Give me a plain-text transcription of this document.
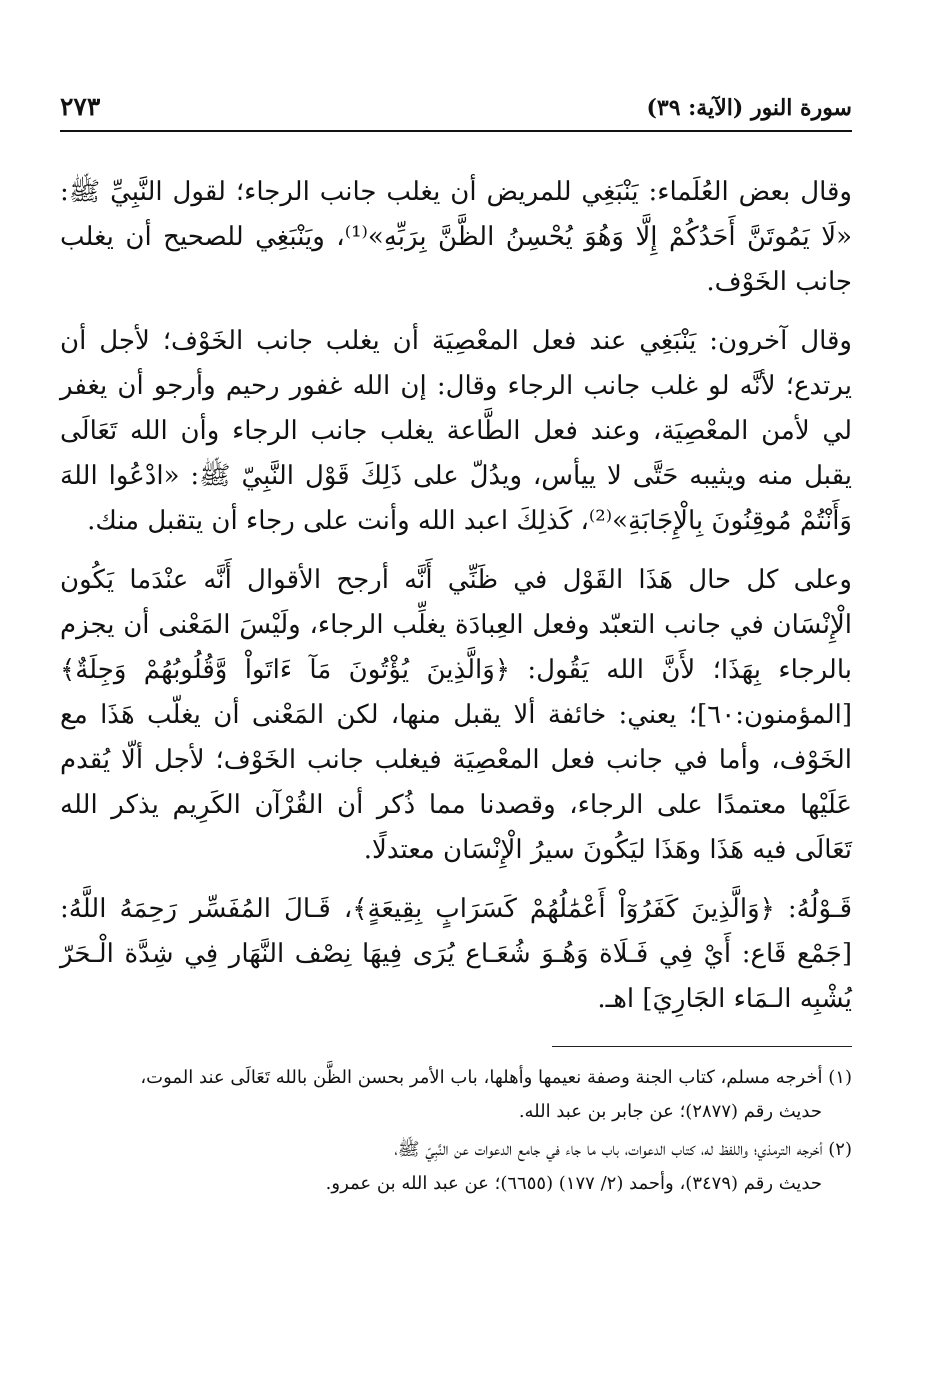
سورة النور (الآية: ٣٩)
٢٧٣

وقال بعض العُلَماء: يَنْبَغِي للمريض أن يغلب جانب الرجاء؛ لقول النَّبِيِّ ﷺ: «لَا يَمُوتَنَّ أَحَدُكُمْ إِلَّا وَهُوَ يُحْسِنُ الظَّنَّ بِرَبِّهِ»⁽¹⁾، ويَنْبَغِي للصحيح أن يغلب جانب الخَوْف.

وقال آخرون: يَنْبَغِي عند فعل المعْصِيَة أن يغلب جانب الخَوْف؛ لأجل أن يرتدع؛ لأنَّه لو غلب جانب الرجاء وقال: إن الله غفور رحيم وأرجو أن يغفر لي لأمن المعْصِيَة، وعند فعل الطَّاعة يغلب جانب الرجاء وأن الله تَعَالَى يقبل منه ويثيبه حَتَّى لا ييأس، ويدُلّ على ذَلِكَ قَوْل النَّبِيّ ﷺ: «ادْعُوا اللهَ وَأَنْتُمْ مُوقِنُونَ بِالْإِجَابَةِ»⁽²⁾، كَذلِكَ اعبد الله وأنت على رجاء أن يتقبل منك.

وعلى كل حال هَذَا القَوْل في ظَنِّي أَنَّه أرجح الأقوال أَنَّه عنْدَما يَكُون الْإِنْسَان في جانب التعبّد وفعل العِبادَة يغلِّب الرجاء، ولَيْسَ المَعْنى أن يجزم بالرجاء بِهَذَا؛ لأَنَّ الله يَقُول: ﴿وَالَّذِينَ يُؤْتُونَ مَآ ءَاتَواْ وَّقُلُوبُهُمْ وَجِلَةٌ﴾ [المؤمنون:٦٠]؛ يعني: خائفة ألا يقبل منها، لكن المَعْنى أن يغلّب هَذَا مع الخَوْف، وأما في جانب فعل المعْصِيَة فيغلب جانب الخَوْف؛ لأجل ألّا يُقدم عَلَيْها معتمدًا على الرجاء، وقصدنا مما ذُكر أن القُرْآن الكَرِيم يذكر الله تَعَالَى فيه هَذَا وهَذَا ليَكُونَ سيرُ الْإِنْسَان معتدلًا.

قَـوْلُهُ: ﴿وَالَّذِينَ كَفَرُوٓاْ أَعْمَٰلُهُمْ كَسَرَابٍ بِقِيعَةٍ﴾، قَـالَ المُفَسِّر رَحِمَهُ اللَّهُ: [جَمْع قَاع: أَيْ فِي فَـلَاة وَهُـوَ شُعَـاع يُرَى فِيهَا نِصْف النَّهَار فِي شِدَّة الْـحَرّ يُشْبِه الـمَاء الجَارِيَ] اهـ.

(١) أخرجه مسلم، كتاب الجنة وصفة نعيمها وأهلها، باب الأمر بحسن الظَّن بالله تَعَالَى عند الموت،
حديث رقم (٢٨٧٧)؛ عن جابر بن عبد الله.

(٢) أخرجه الترمذي؛ واللفظ له، كتاب الدعوات، باب ما جاء في جامع الدعوات عن النَّبِيّ ﷺ،
حديث رقم (٣٤٧٩)، وأحمد (٢/ ١٧٧) (٦٦٥٥)؛ عن عبد الله بن عمرو.
